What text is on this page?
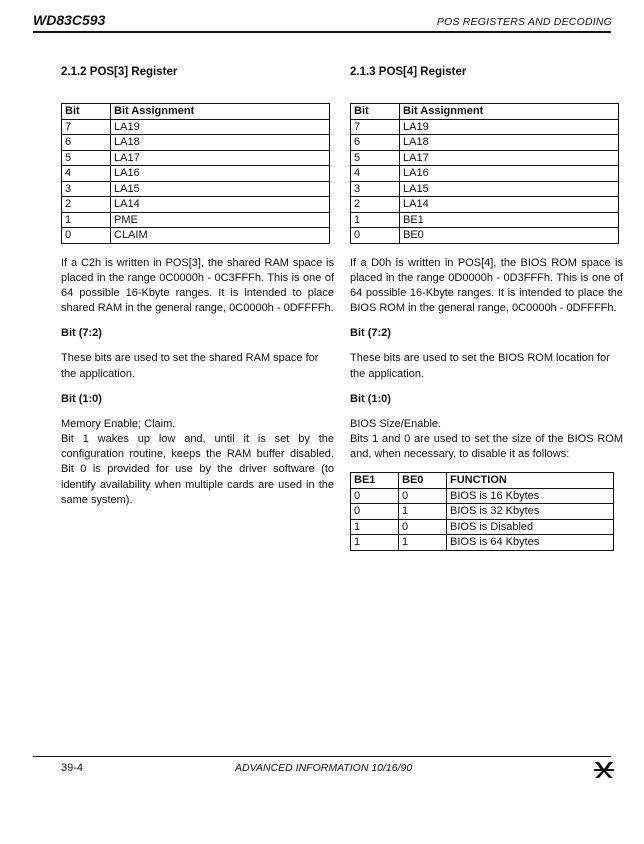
WD83C593	POS REGISTERS AND DECODING
2.1.2 POS[3] Register
Bit	Bit Assignment
7	LA19
6	LA18
5	LA17
4	LA16
3	LA15
2	LA14
1	PME
0	CLAIM

If a C2h is written in POS[3], the shared RAM space is placed in the range 0C0000h - 0C3FFFh. This is one of 64 possible 16-Kbyte ranges. It is intended to place shared RAM in the general range, 0C0000h - 0DFFFFh.

Bit (7:2)

These bits are used to set the shared RAM space for the application.

Bit (1:0)

Memory Enable; Claim.

Bit 1 wakes up low and, until it is set by the configuration routine, keeps the RAM buffer disabled. Bit 0 is provided for use by the driver software (to identify availability when multiple cards are used in the same system).

2.1.3 POS[4] Register
Bit	Bit Assignment
7	LA19
6	LA18
5	LA17
4	LA16
3	LA15
2	LA14
1	BE1
0	BE0

If a D0h is written in POS[4], the BIOS ROM space is placed in the range 0D0000h - 0D3FFFh. This is one of 64 possible 16-Kbyte ranges. It is intended to place the BIOS ROM in the general range, 0C0000h - 0DFFFFh.

Bit (7:2)

These bits are used to set the BIOS ROM location for the application.

Bit (1:0)

BIOS Size/Enable.

Bits 1 and 0 are used to set the size of the BIOS ROM and, when necessary, to disable it as follows:

BE1	BE0	FUNCTION
0	0	BIOS is 16 Kbytes
0	1	BIOS is 32 Kbytes
1	0	BIOS is Disabled
1	1	BIOS is 64 Kbytes
39-4	ADVANCED INFORMATION 10/16/90
